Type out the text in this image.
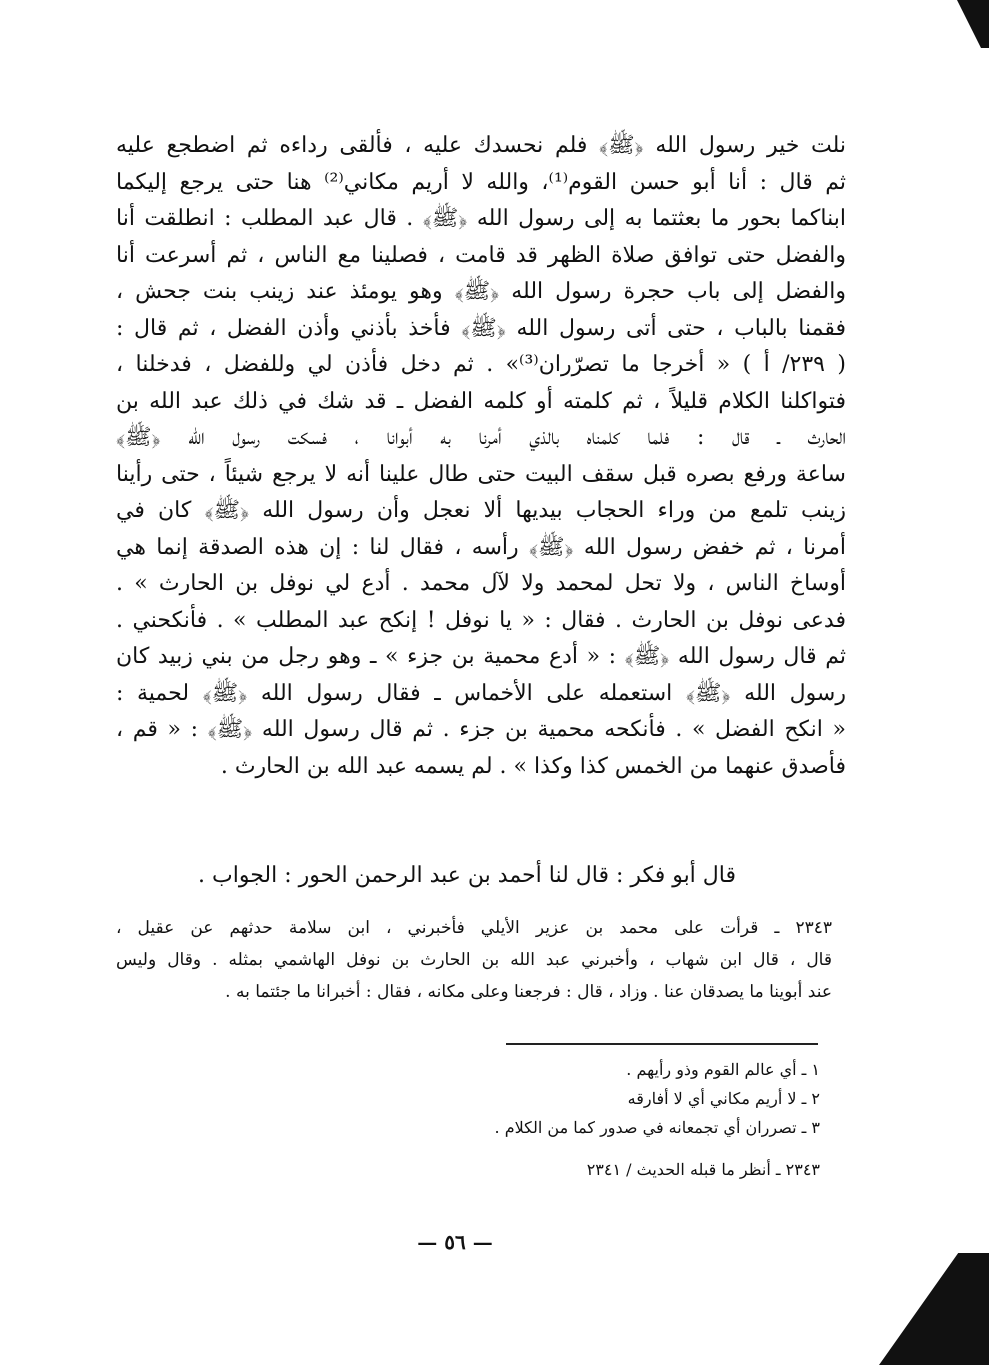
نلت خير رسول الله ﴿ﷺ﴾ فلم نحسدك عليه ، فألقى رداءه ثم اضطجع عليه
ثم قال : أنا أبو حسن القوم⁽¹⁾، والله لا أريم مكاني⁽²⁾ هنا حتى يرجع إليكما
ابناكما بحور ما بعثتما به إلى رسول الله ﴿ﷺ﴾ . قال عبد المطلب : انطلقت أنا
والفضل حتى توافق صلاة الظهر قد قامت ، فصلينا مع الناس ، ثم أسرعت أنا
والفضل إلى باب حجرة رسول الله ﴿ﷺ﴾ وهو يومئذ عند زينب بنت جحش ،
فقمنا بالباب ، حتى أتى رسول الله ﴿ﷺ﴾ فأخذ بأذني وأذن الفضل ، ثم قال :
( ٢٣٩/ أ ) « أخرجا ما تصرّران⁽³⁾» . ثم دخل فأذن لي وللفضل ، فدخلنا ،
فتواكلنا الكلام قليلاً ، ثم كلمته أو كلمه الفضل ـ قد شك في ذلك عبد الله بن
الحارث ـ قال : فلما كلمناه بالذي أمرنا به أبوانا ، فسكت رسول الله ﴿ﷺ﴾
ساعة ورفع بصره قبل سقف البيت حتى طال علينا أنه لا يرجع شيئاً ، حتى رأينا
زينب تلمع من وراء الحجاب بيديها ألا نعجل وأن رسول الله ﴿ﷺ﴾ كان في
أمرنا ، ثم خفض رسول الله ﴿ﷺ﴾ رأسه ، فقال لنا : إن هذه الصدقة إنما هي
أوساخ الناس ، ولا تحل لمحمد ولا لآل محمد . أدع لي نوفل بن الحارث » .
فدعى نوفل بن الحارث . فقال : « يا نوفل ! إنكح عبد المطلب » . فأنكحني .
ثم قال رسول الله ﴿ﷺ﴾ : « أدع محمية بن جزء » ـ وهو رجل من بني زبيد كان
رسول الله ﴿ﷺ﴾ استعمله على الأخماس ـ فقال رسول الله ﴿ﷺ﴾ لحمية :
« انكح الفضل » . فأنكحه محمية بن جزء . ثم قال رسول الله ﴿ﷺ﴾ : « قم ،
فأصدق عنهما من الخمس كذا وكذا » . لم يسمه عبد الله بن الحارث .
قال أبو فكر : قال لنا أحمد بن عبد الرحمن الحور : الجواب .
٢٣٤٣ ـ قرأت على محمد بن عزير الأيلي فأخبرني ، ابن سلامة حدثهم عن عقيل ،
قال ، قال ابن شهاب ، وأخبرني عبد الله بن الحارث بن نوفل الهاشمي بمثله . وقال وليس
عند أبوينا ما يصدقان عنا . وزاد ، قال : فرجعنا وعلى مكانه ، فقال : أخبرانا ما جئتما به .
١ ـ أي عالم القوم وذو رأيهم .
٢ ـ لا أريم مكاني أي لا أفارقه
٣ ـ تصرران أي تجمعانه في صدور كما من الكلام .
٢٣٤٣ ـ أنظر ما قبله الحديث / ٢٣٤١
— ٥٦ —
